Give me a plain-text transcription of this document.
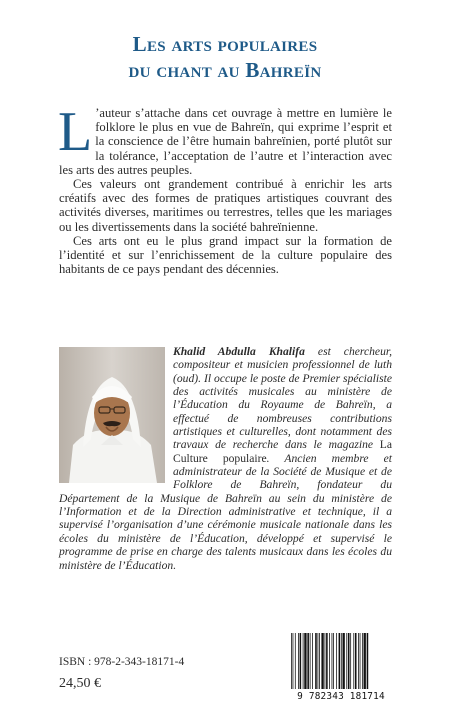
Les arts populaires
du chant au Bahreïn

L ’auteur s’attache dans cet ouvrage à mettre en lumière le folklore le plus en vue de Bahreïn, qui exprime l’esprit et la conscience de l’être humain bahreïnien, porté plutôt sur la tolérance, l’acceptation de l’autre et l’interaction avec les arts des autres peuples.

Ces valeurs ont grandement contribué à enrichir les arts créatifs avec des formes de pratiques artistiques couvrant des activités diverses, maritimes ou terrestres, telles que les mariages ou les divertissements dans la société bahreïnienne.

Ces arts ont eu le plus grand impact sur la formation de l’identité et sur l’enrichissement de la culture populaire des habitants de ce pays pendant des décennies.

Khalid Abdulla Khalifa est chercheur, compositeur et musicien professionnel de luth (oud). Il occupe le poste de Premier spécialiste des activités musicales au ministère de l’Éducation du Royaume de Bahreïn, a effectué de nombreuses contributions artistiques et culturelles, dont notamment des travaux de recherche dans le magazine La Culture populaire. Ancien membre et administrateur de la Société de Musique et de Folklore de Bahreïn, fondateur du Département de la Musique de Bahreïn au sein du ministère de l’Information et de la Direction administrative et technique, il a supervisé l’organisation d’une cérémonie musicale nationale dans les écoles du ministère de l’Éducation, développé et supervisé le programme de prise en charge des talents musicaux dans les écoles du ministère de l’Éducation.
ISBN : 978-2-343-18171-4
24,50 €
9 782343 181714
